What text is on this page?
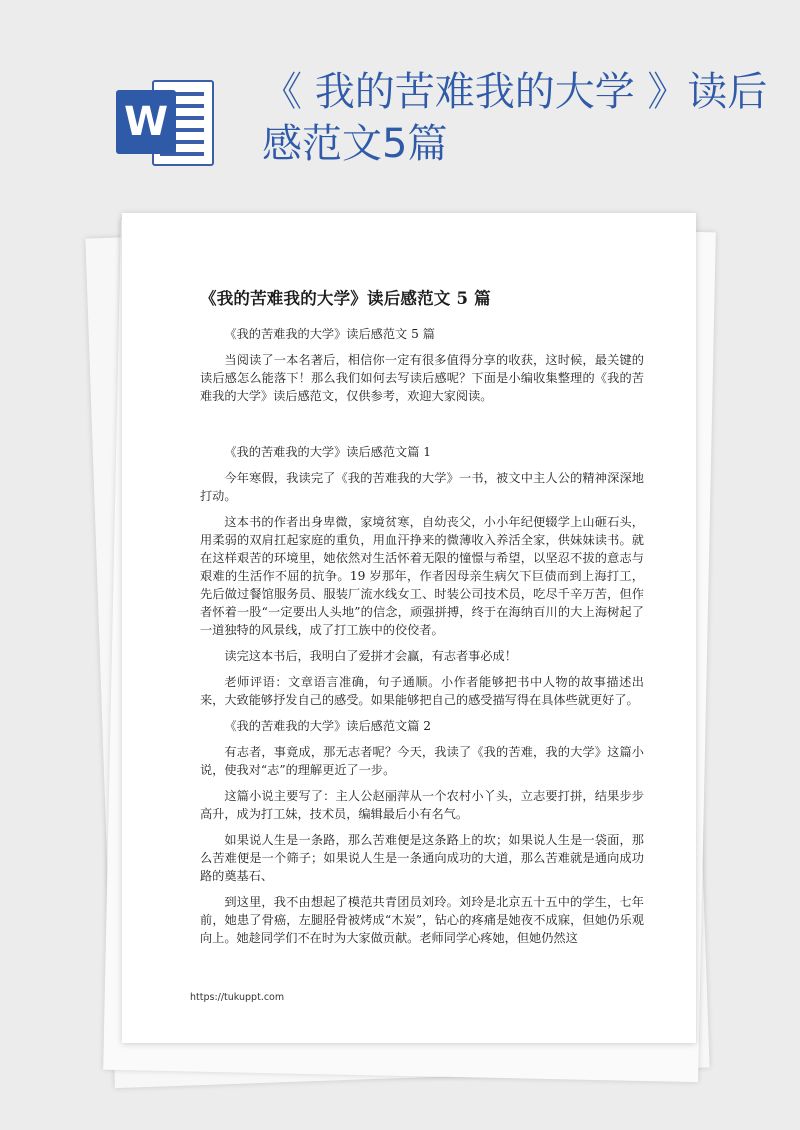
W
《 我的苦难我的大学 》读后感范文5篇
《我的苦难我的大学》读后感范文 5 篇

《我的苦难我的大学》读后感范文 5 篇

当阅读了一本名著后，相信你一定有很多值得分享的收获，这时候，最关键的读后感怎么能落下！那么我们如何去写读后感呢？下面是小编收集整理的《我的苦难我的大学》读后感范文，仅供参考，欢迎大家阅读。

《我的苦难我的大学》读后感范文篇 1

今年寒假，我读完了《我的苦难我的大学》一书，被文中主人公的精神深深地打动。

这本书的作者出身卑微，家境贫寒，自幼丧父，小小年纪便辍学上山砸石头，用柔弱的双肩扛起家庭的重负，用血汗挣来的微薄收入养活全家，供妹妹读书。就在这样艰苦的环境里，她依然对生活怀着无限的憧憬与希望，以坚忍不拔的意志与艰难的生活作不屈的抗争。19 岁那年，作者因母亲生病欠下巨债而到上海打工，先后做过餐馆服务员、服装厂流水线女工、时装公司技术员，吃尽千辛万苦，但作者怀着一股“一定要出人头地”的信念，顽强拼搏，终于在海纳百川的大上海树起了一道独特的风景线，成了打工族中的佼佼者。

读完这本书后，我明白了爱拼才会赢，有志者事必成！

老师评语：文章语言准确，句子通顺。小作者能够把书中人物的故事描述出来，大致能够抒发自己的感受。如果能够把自己的感受描写得在具体些就更好了。

《我的苦难我的大学》读后感范文篇 2

有志者，事竟成，那无志者呢？今天，我读了《我的苦难，我的大学》这篇小说，使我对“志”的理解更近了一步。

这篇小说主要写了：主人公赵丽萍从一个农村小丫头，立志要打拼，结果步步高升，成为打工妹，技术员，编辑最后小有名气。

如果说人生是一条路，那么苦难便是这条路上的坎；如果说人生是一袋面，那么苦难便是一个筛子；如果说人生是一条通向成功的大道，那么苦难就是通向成功路的奠基石、

到这里，我不由想起了模范共青团员刘玲。刘玲是北京五十五中的学生，七年前，她患了骨癌，左腿胫骨被烤成“木炭”，钻心的疼痛是她夜不成寐，但她仍乐观向上。她趁同学们不在时为大家做贡献。老师同学心疼她，但她仍然这

https://tukuppt.com
